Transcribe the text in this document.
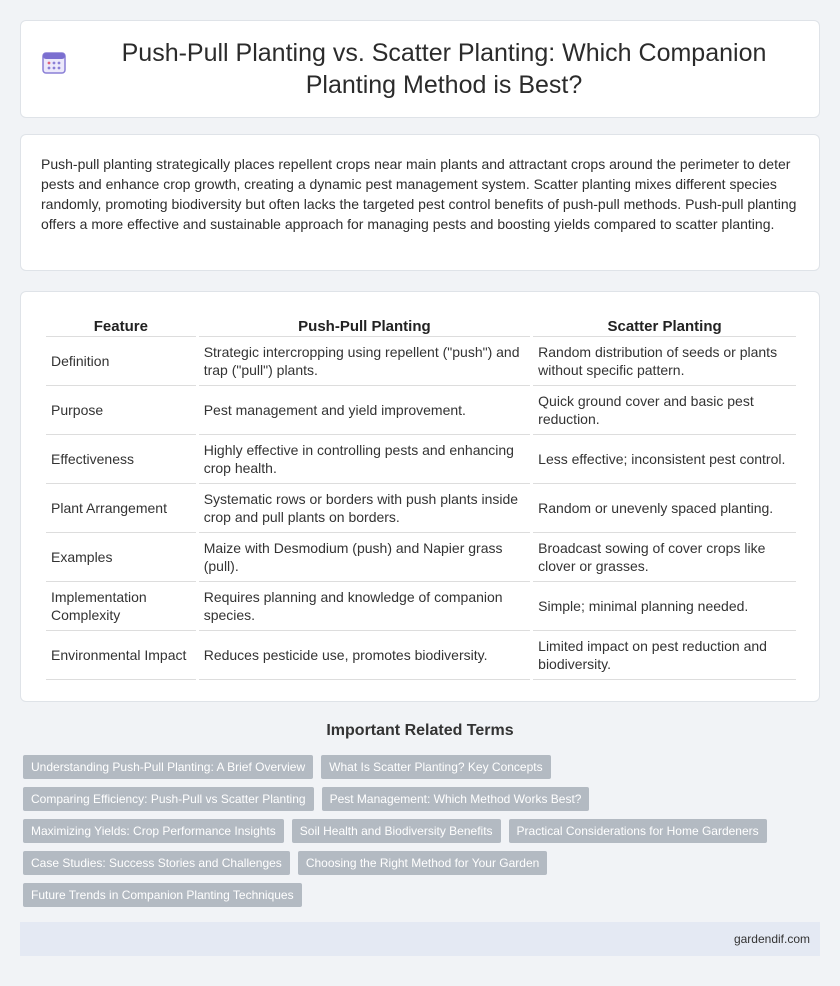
Push-Pull Planting vs. Scatter Planting: Which Companion Planting Method is Best?

Push-pull planting strategically places repellent crops near main plants and attractant crops around the perimeter to deter pests and enhance crop growth, creating a dynamic pest management system. Scatter planting mixes different species randomly, promoting biodiversity but often lacks the targeted pest control benefits of push-pull methods. Push-pull planting offers a more effective and sustainable approach for managing pests and boosting yields compared to scatter planting.

Feature	Push-Pull Planting	Scatter Planting
Definition	Strategic intercropping using repellent ("push") and trap ("pull") plants.	Random distribution of seeds or plants without specific pattern.
Purpose	Pest management and yield improvement.	Quick ground cover and basic pest reduction.
Effectiveness	Highly effective in controlling pests and enhancing crop health.	Less effective; inconsistent pest control.
Plant Arrangement	Systematic rows or borders with push plants inside crop and pull plants on borders.	Random or unevenly spaced planting.
Examples	Maize with Desmodium (push) and Napier grass (pull).	Broadcast sowing of cover crops like clover or grasses.
Implementation Complexity	Requires planning and knowledge of companion species.	Simple; minimal planning needed.
Environmental Impact	Reduces pesticide use, promotes biodiversity.	Limited impact on pest reduction and biodiversity.
Important Related Terms
Understanding Push-Pull Planting: A Brief Overview	What Is Scatter Planting? Key Concepts
Comparing Efficiency: Push-Pull vs Scatter Planting	Pest Management: Which Method Works Best?
Maximizing Yields: Crop Performance Insights	Soil Health and Biodiversity Benefits	Practical Considerations for Home Gardeners
Case Studies: Success Stories and Challenges	Choosing the Right Method for Your Garden
Future Trends in Companion Planting Techniques
gardendif.com
